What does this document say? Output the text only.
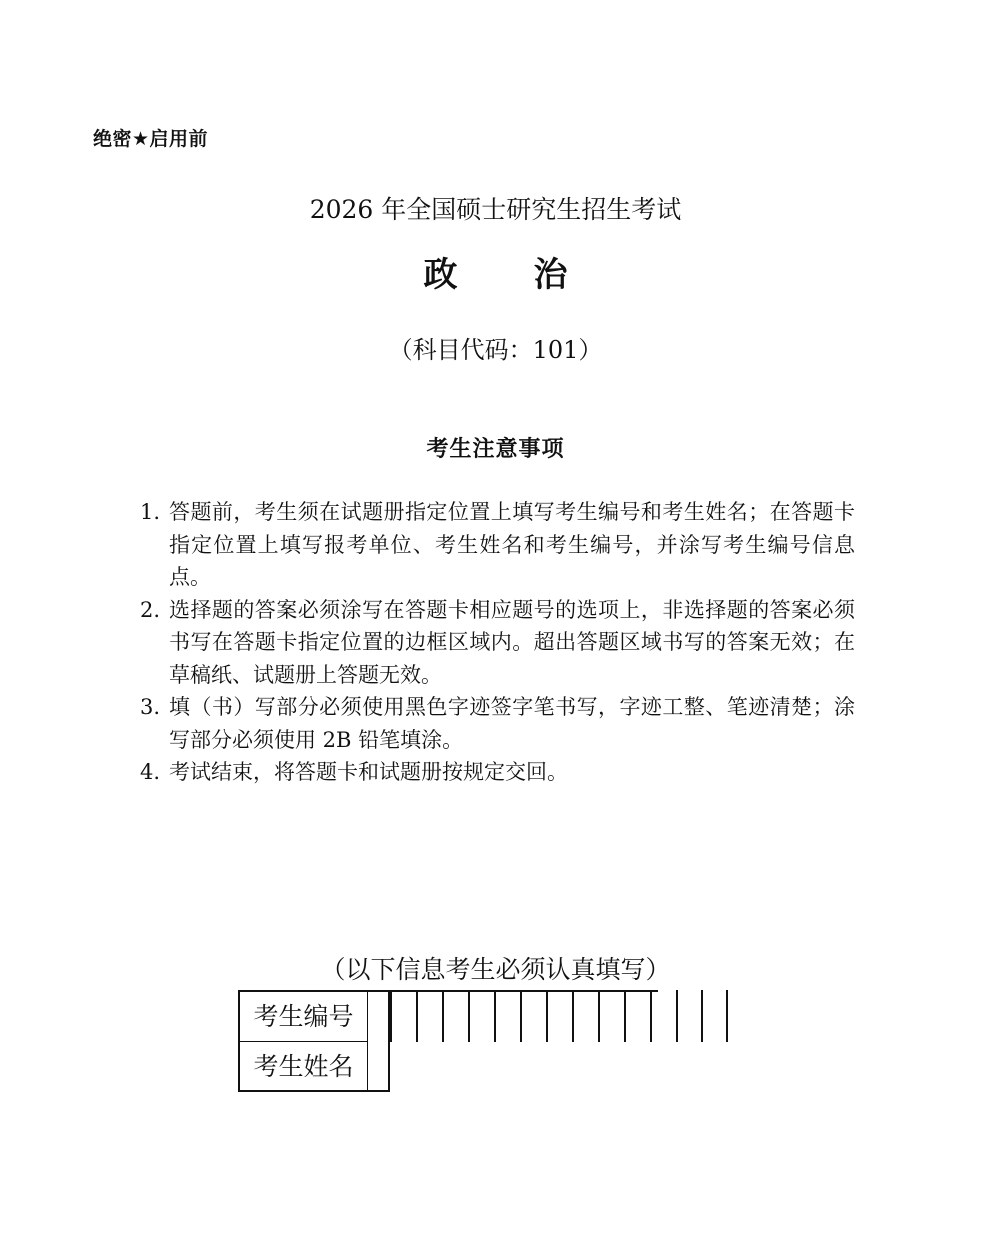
绝密★启用前
2026 年全国硕士研究生招生考试
政 治
（科目代码：101）
考生注意事项
1. 答题前，考生须在试题册指定位置上填写考生编号和考生姓名；在答题卡指定位置上填写报考单位、考生姓名和考生编号，并涂写考生编号信息点。
2. 选择题的答案必须涂写在答题卡相应题号的选项上，非选择题的答案必须书写在答题卡指定位置的边框区域内。超出答题区域书写的答案无效；在草稿纸、试题册上答题无效。
3. 填（书）写部分必须使用黑色字迹签字笔书写，字迹工整、笔迹清楚；涂写部分必须使用 2B 铅笔填涂。
4. 考试结束，将答题卡和试题册按规定交回。
（以下信息考生必须认真填写）
考生编号
考生姓名
